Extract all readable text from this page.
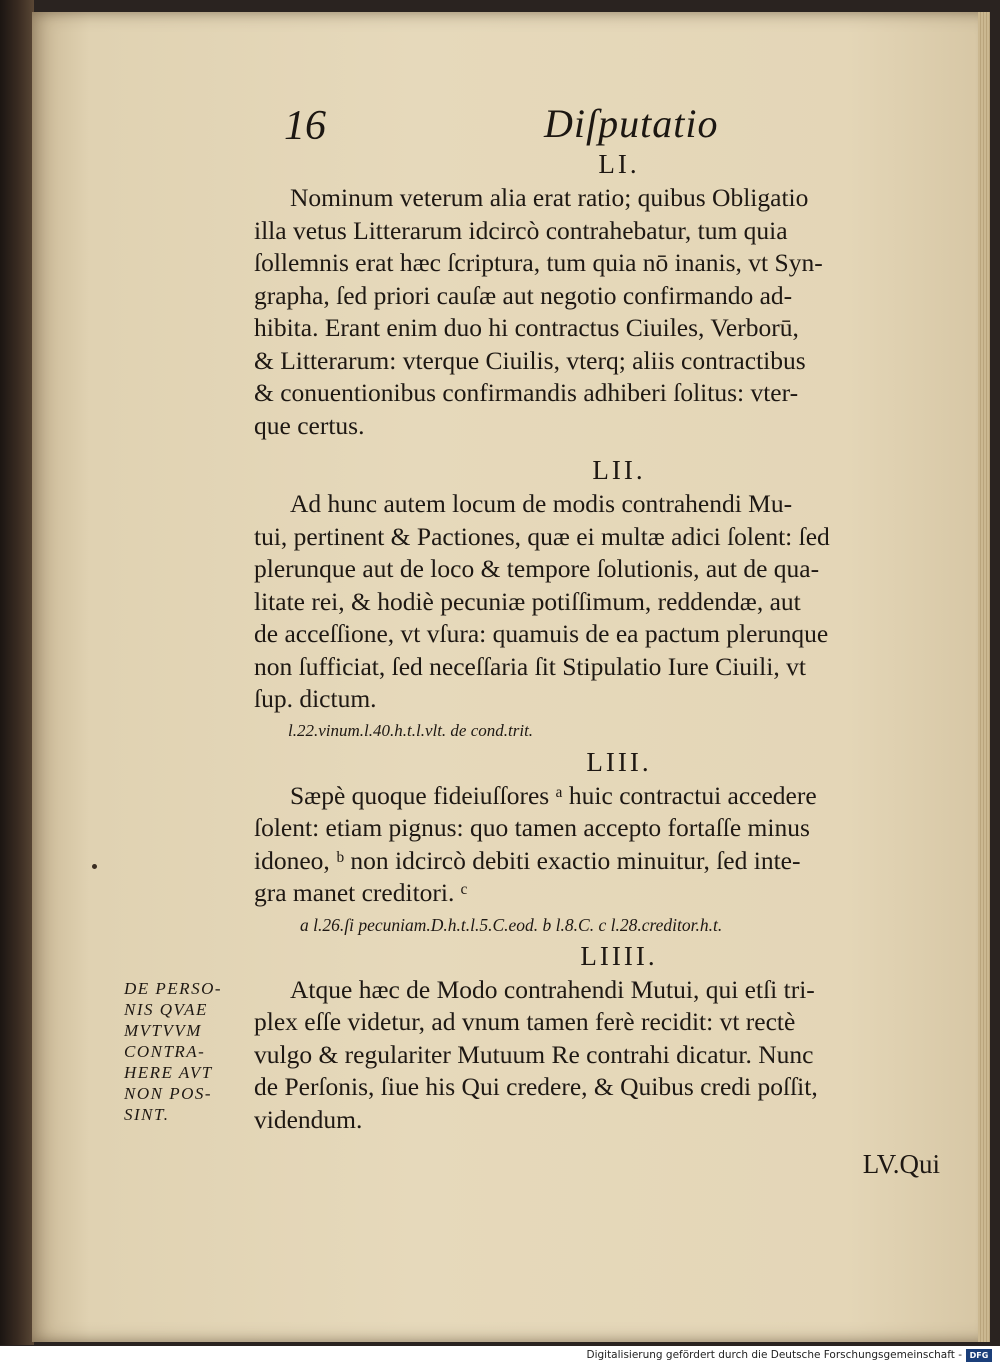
16	Diſputatio
LI.
Nominum veterum alia erat ratio; quibus Obligatio
illa vetus Litterarum idcircò contrahebatur, tum quia
ſollemnis erat hæc ſcriptura, tum quia nō inanis, vt Syn-
grapha, ſed priori cauſæ aut negotio confirmando ad-
hibita. Erant enim duo hi contractus Ciuiles, Verborū,
& Litterarum: vterque Ciuilis, vterq; aliis contractibus
& conuentionibus confirmandis adhiberi ſolitus: vter-
que certus.
LII.
Ad hunc autem locum de modis contrahendi Mu-
tui, pertinent & Pactiones, quæ ei multæ adici ſolent: ſed
plerunque aut de loco & tempore ſolutionis, aut de qua-
litate rei, & hodiè pecuniæ potiſſimum, reddendæ, aut
de acceſſione, vt vſura: quamuis de ea pactum plerunque
non ſufficiat, ſed neceſſaria ſit Stipulatio Iure Ciuili, vt
ſup. dictum.
l.22.vinum.l.40.h.t.l.vlt. de cond.trit.
LIII.
Sæpè quoque fideiuſſores ᵃ huic contractui accedere
ſolent: etiam pignus: quo tamen accepto fortaſſe minus
idoneo, ᵇ non idcircò debiti exactio minuitur, ſed inte-
gra manet creditori. ᶜ
a l.26.ſi pecuniam.D.h.t.l.5.C.eod. b l.8.C. c l.28.creditor.h.t.
LIIII.
Atque hæc de Modo contrahendi Mutui, qui etſi tri-
plex eſſe videtur, ad vnum tamen ferè recidit: vt rectè
vulgo & regulariter Mutuum Re contrahi dicatur. Nunc
de Perſonis, ſiue his Qui credere, & Quibus credi poſſit,
videndum.
LV.Qui
DE PERSO-
NIS QVAE
MVTVVM
CONTRA-
HERE AVT
NON POS-
SINT.
Digitalisierung gefördert durch die Deutsche Forschungsgemeinschaft - DFG
